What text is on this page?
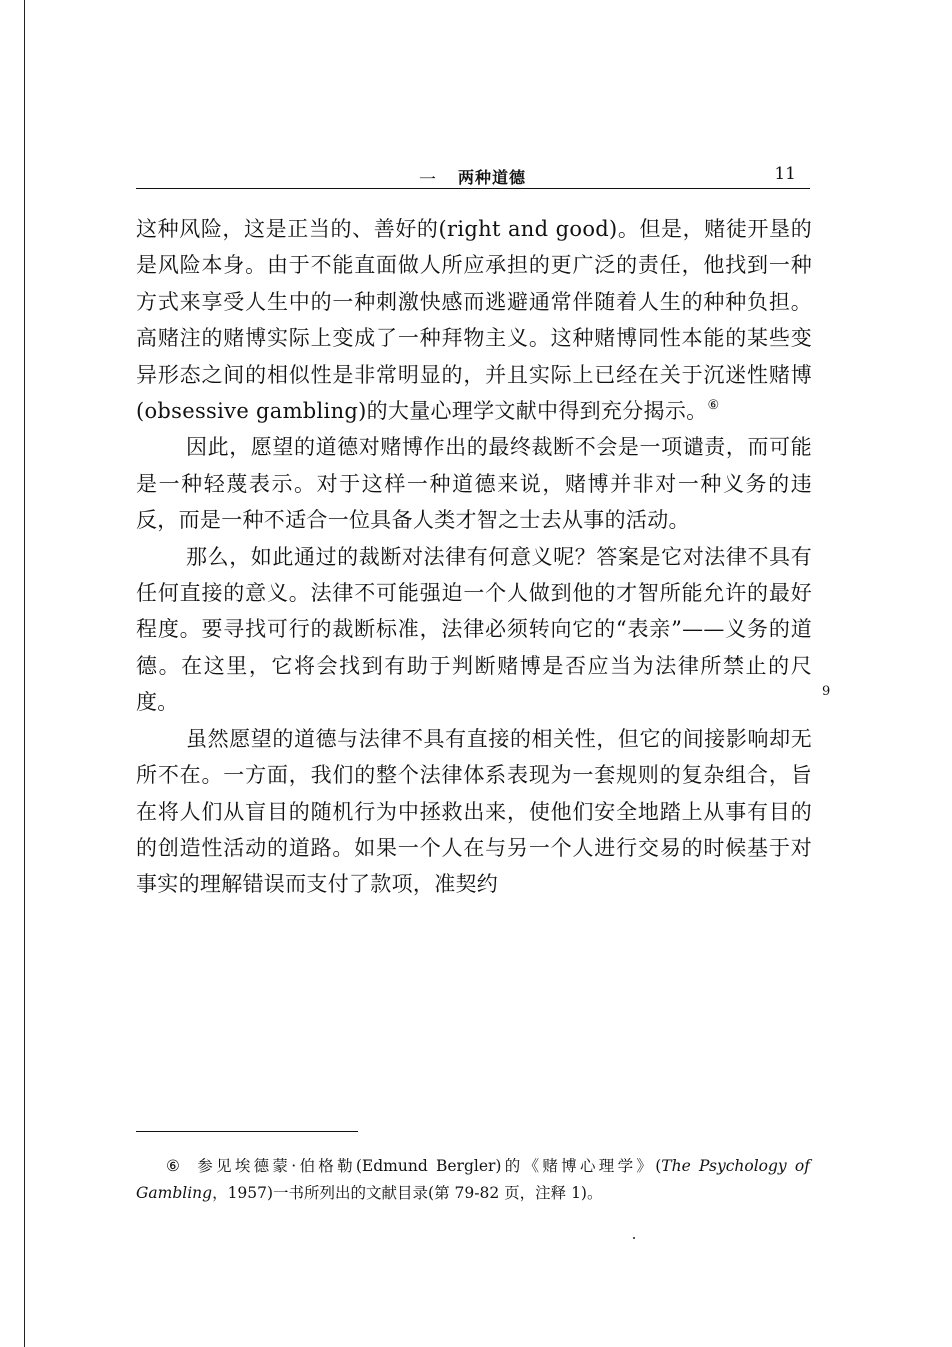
一 两种道德	11

这种风险，这是正当的、善好的(right and good)。但是，赌徒开垦的是风险本身。由于不能直面做人所应承担的更广泛的责任，他找到一种方式来享受人生中的一种刺激快感而逃避通常伴随着人生的种种负担。高赌注的赌博实际上变成了一种拜物主义。这种赌博同性本能的某些变异形态之间的相似性是非常明显的，并且实际上已经在关于沉迷性赌博(obsessive gambling)的大量心理学文献中得到充分揭示。⑥

因此，愿望的道德对赌博作出的最终裁断不会是一项谴责，而可能是一种轻蔑表示。对于这样一种道德来说，赌博并非对一种义务的违反，而是一种不适合一位具备人类才智之士去从事的活动。

那么，如此通过的裁断对法律有何意义呢？答案是它对法律不具有任何直接的意义。法律不可能强迫一个人做到他的才智所能允许的最好程度。要寻找可行的裁断标准，法律必须转向它的“表亲”——义务的道德。在这里，它将会找到有助于判断赌博是否应当为法律所禁止的尺度。

虽然愿望的道德与法律不具有直接的相关性，但它的间接影响却无所不在。一方面，我们的整个法律体系表现为一套规则的复杂组合，旨在将人们从盲目的随机行为中拯救出来，使他们安全地踏上从事有目的的创造性活动的道路。如果一个人在与另一个人进行交易的时候基于对事实的理解错误而支付了款项，准契约

9
⑥ 参见埃德蒙·伯格勒(Edmund Bergler)的《赌博心理学》(The Psychology of Gambling，1957)一书所列出的文献目录(第 79-82 页，注释 1)。
